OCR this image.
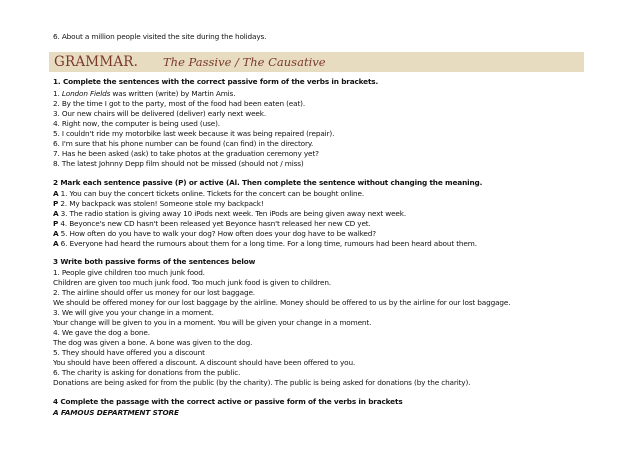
6. About a million people visited the site during the holidays.
GRAMMAR. The Passive / The Causative
1. Complete the sentences with the correct passive form of the verbs in brackets.
1. London Fields was written (write) by Martin Amis.
2. By the time I got to the party, most of the food had been eaten (eat).
3. Our new chairs will be delivered (deliver) early next week.
4. Right now, the computer is being used (use).
5. I couldn't ride my motorbike last week because it was being repaired (repair).
6. I'm sure that his phone number can be found (can find) in the directory.
7. Has he been asked (ask) to take photos at the graduation ceremony yet?
8. The latest Johnny Depp film should not be missed (should not / miss)
2 Mark each sentence passive (P) or active (Al. Then complete the sentence without changing the meaning.
A 1. You can buy the concert tickets online. Tickets for the concert can be bought online.
P 2. My backpack was stolen! Someone stole my backpack!
A 3. The radio station is giving away 10 iPods next week. Ten iPods are being given away next week.
P 4. Beyonce's new CD hasn't been released yet Beyonce hasn't released her new CD yet.
A 5. How often do you have to walk your dog? How often does your dog have to be walked?
A 6. Everyone had heard the rumours about them for a long time. For a long time, rumours had been heard about them.
3 Write both passive forms of the sentences below
1. People give children too much junk food.
Children are given too much junk food. Too much junk food is given to children.
2. The airline should offer us money for our lost baggage.
We should be offered money for our lost baggage by the airline. Money should be offered to us by the airline for our lost baggage.
3. We will give you your change in a moment.
Your change will be given to you in a moment. You will be given your change in a moment.
4. We gave the dog a bone.
The dog was given a bone. A bone was given to the dog.
5. They should have offered you a discount
You should have been offered a discount. A discount should have been offered to you.
6. The charity is asking for donations from the public.
Donations are being asked for from the public (by the charity). The public is being asked for donations (by the charity).
4 Complete the passage with the correct active or passive form of the verbs in brackets
A FAMOUS DEPARTMENT STORE
